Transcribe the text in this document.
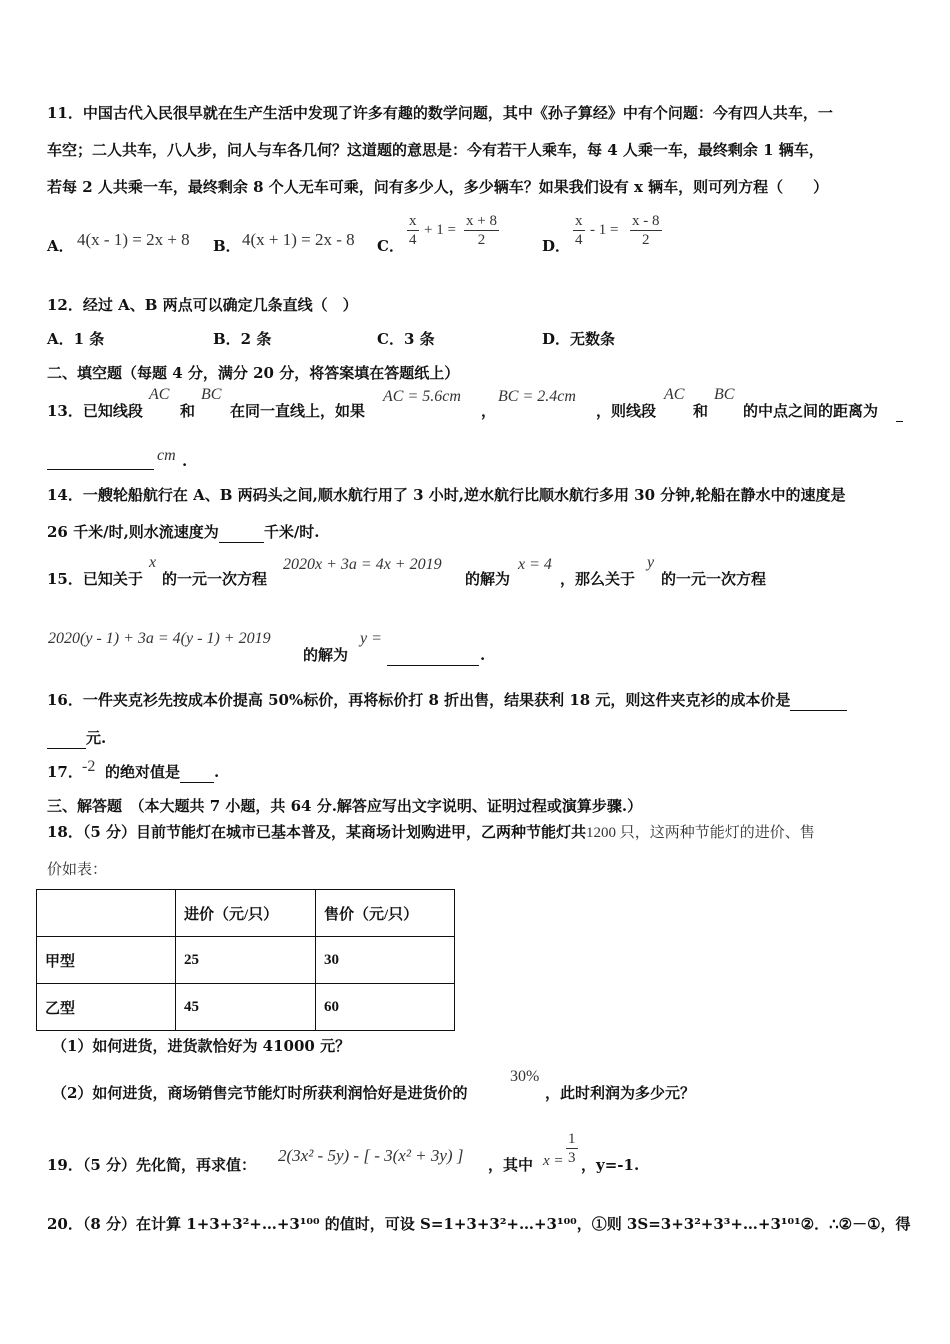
11．中国古代入民很早就在生产生活中发现了许多有趣的数学问题，其中《孙子算经》中有个问题：今有四人共车，一
车空；二人共车，八人步，问人与车各几何？这道题的意思是：今有若干人乘车，每 4 人乘一车，最终剩余 1 辆车，
若每 2 人共乘一车，最终剩余 8 个人无车可乘，问有多少人，多少辆车？如果我们设有 x 辆车，则可列方程（　　）
A． 4(x - 1) = 2x + 8 B． 4(x + 1) = 2x - 8 C． $\frac{x}{4} + 1 = \frac{x + 8}{2}$	D． $\frac{x}{4} - 1 = \frac{x - 8}{2}$
12．经过 A、B 两点可以确定几条直线（　）
A．1 条	B．2 条	C．3 条	D．无数条
二、填空题（每题 4 分，满分 20 分，将答案填在答题纸上）
13．已知线段
AC
和
BC
在同一直线上，如果
AC = 5.6cm
，
BC = 2.4cm
，则线段
AC
和
BC
的中点之间的距离为

cm .
14．一艘轮船航行在 A、B 两码头之间,顺水航行用了 3 小时,逆水航行比顺水航行多用 30 分钟,轮船在静水中的速度是
26 千米/时,则水流速度为	千米/时.
15．已知关于
x
的一元一次方程
2020x + 3a = 4x + 2019
的解为
x = 4
，那么关于
y
的一元一次方程
2020(y - 1) + 3a = 4(y - 1) + 2019
的解为
y =

.
16．一件夹克衫先按成本价提高 50%标价，再将标价打 8 折出售，结果获利 18 元，则这件夹克衫的成本价是
元.
17． -2 的绝对值是 .
三、解答题　（本大题共 7 小题，共 64 分.解答应写出文字说明、证明过程或演算步骤.）
18．（5 分）目前节能灯在城市已基本普及，某商场计划购进甲，乙两种节能灯共1200 只，这两种节能灯的进价、售
价如表：
	进价（元/只）	售价（元/只）
甲型	25	30
乙型	45	60
（1）如何进货，进货款恰好为 41000 元？
（2）如何进货，商场销售完节能灯时所获利润恰好是进货价的
30%
，此时利润为多少元？
19．（5 分）先化简，再求值： 2(3x² - 5y) - [ - 3(x² + 3y) ] ，其中 $x = \frac{1}{3}$ ，y=-1.
20．（8 分）在计算 1+3+3²+…+3¹⁰⁰ 的值时，可设 S=1+3+3²+…+3¹⁰⁰，①则 3S=3+3²+3³+…+3¹⁰¹②．∴②－①，得
